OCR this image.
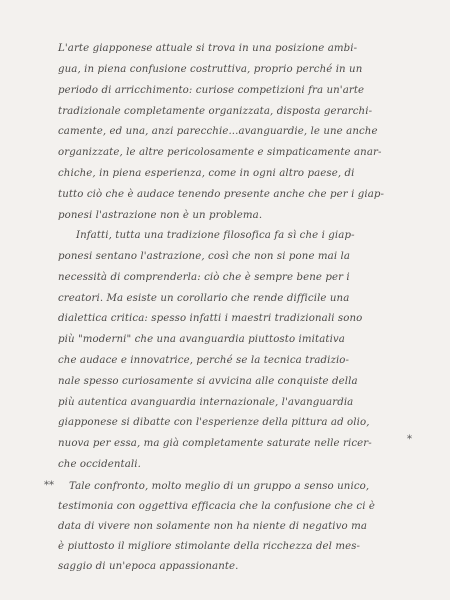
L'arte giapponese attuale si trova in una posizione ambi-
gua, in piena confusione costruttiva, proprio perché in un
periodo di arricchimento: curiose competizioni fra un'arte
tradizionale completamente organizzata, disposta gerarchi-
camente, ed una, anzi parecchie...avanguardie, le une anche
organizzate, le altre pericolosamente e simpaticamente anar-
chiche, in piena esperienza, come in ogni altro paese, di
tutto ciò che è audace tenendo presente anche che per i giap-
ponesi l'astrazione non è un problema.
Infatti, tutta una tradizione filosofica fa sì che i giap-
ponesi sentano l'astrazione, così che non si pone mai la
necessità di comprenderla: ciò che è sempre bene per i
creatori. Ma esiste un corollario che rende difficile una
dialettica critica: spesso infatti i maestri tradizionali sono
più "moderni" che una avanguardia piuttosto imitativa
che audace e innovatrice, perché se la tecnica tradizio-
nale spesso curiosamente si avvicina alle conquiste della
più autentica avanguardia internazionale, l'avanguardia
giapponese si dibatte con l'esperienze della pittura ad olio,
nuova per essa, ma già completamente saturate nelle ricer-
che occidentali.
*
** Tale confronto, molto meglio di un gruppo a senso unico,
testimonia con oggettiva efficacia che la confusione che ci è
data di vivere non solamente non ha niente di negativo ma
è piuttosto il migliore stimolante della ricchezza del mes-
saggio di un'epoca appassionante.
